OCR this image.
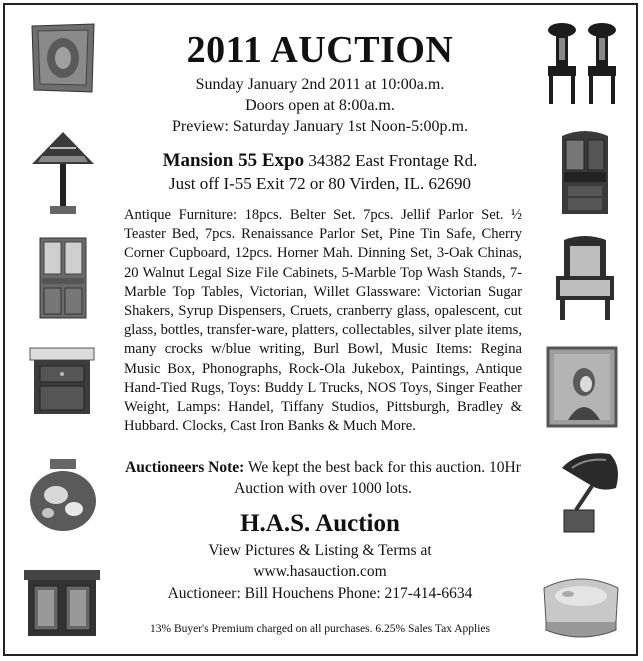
2011 AUCTION
Sunday January 2nd 2011 at 10:00a.m.
Doors open at 8:00a.m.
Preview: Saturday January 1st Noon-5:00p.m.
Mansion 55 Expo 34382 East Frontage Rd.
Just off I-55 Exit 72 or 80 Virden, IL. 62690
Antique Furniture: 18pcs. Belter Set. 7pcs. Jellif Parlor Set. ½ Teaster Bed, 7pcs. Renaissance Parlor Set, Pine Tin Safe, Cherry Corner Cupboard, 12pcs. Horner Mah. Dinning Set, 3-Oak Chinas, 20 Walnut Legal Size File Cabinets, 5-Marble Top Wash Stands, 7-Marble Top Tables, Victorian, Willet Glassware: Victorian Sugar Shakers, Syrup Dispensers, Cruets, cranberry glass, opalescent, cut glass, bottles, transfer-ware, platters, collectables, silver plate items, many crocks w/blue writing, Burl Bowl, Music Items: Regina Music Box, Phonographs, Rock-Ola Jukebox, Paintings, Antique Hand-Tied Rugs, Toys: Buddy L Trucks, NOS Toys, Singer Feather Weight, Lamps: Handel, Tiffany Studios, Pittsburgh, Bradley & Hubbard. Clocks, Cast Iron Banks & Much More.
Auctioneers Note: We kept the best back for this auction. 10Hr Auction with over 1000 lots.
H.A.S. Auction
View Pictures & Listing & Terms at
www.hasauction.com
Auctioneer: Bill Houchens Phone: 217-414-6634
13% Buyer's Premium charged on all purchases. 6.25% Sales Tax Applies
